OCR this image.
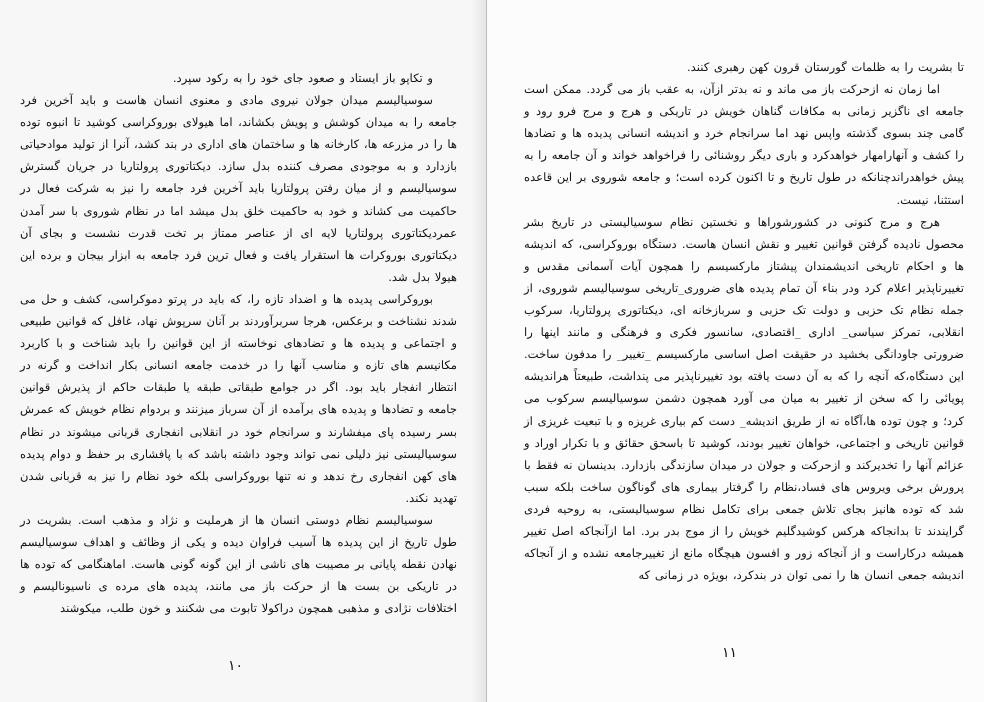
و تکاپو باز ایستاد و صعود جای خود را به رکود سپرد.

سوسیالیسم میدان جولان نیروی مادی و معنوی انسان هاست و باید آخرین فرد جامعه را به میدان کوشش و پویش بکشاند، اما هیولای بوروکراسی کوشید تا انبوه توده ها را در مزرعه ها، کارخانه ها و ساختمان های اداری در بند کشد، آنرا از تولید موادحیاتی بازدارد و به موجودی مصرف کننده بدل سازد. دیکتاتوری پرولتاریا در جریان گسترش سوسیالیسم و از میان رفتن پرولتاریا باید آخرین فرد جامعه را نیز به شرکت فعال در حاکمیت می کشاند و خود به حاکمیت خلق بدل میشد اما در نظام شوروی با سر آمدن عمردیکتاتوری پرولتاریا لایه ای از عناصر ممتاز بر تخت قدرت نشست و بجای آن دیکتاتوری بوروکرات ها استقرار یافت و فعال ترین فرد جامعه به ابزار بیجان و برده این هیولا بدل شد.

بوروکراسی پدیده ها و اضداد تازه را، که باید در پرتو دموکراسی، کشف و حل می شدند نشناخت و برعکس، هرجا سربرآوردند بر آنان سرپوش نهاد، غافل که قوانین طبیعی و اجتماعی و پدیده ها و تضادهای نوخاسته از این قوانین را باید شناخت و با کاربرد مکانیسم های تازه و مناسب آنها را در خدمت جامعه انسانی بکار انداخت و گرنه در انتظار انفجار باید بود. اگر در جوامع طبقاتی طبقه یا طبقات حاکم از پذیرش قوانین جامعه و تضادها و پدیده های برآمده از آن سرباز میزنند و بردوام نظام خویش که عمرش بسر رسیده پای میفشارند و سرانجام خود در انقلابی انفجاری قربانی میشوند در نظام سوسیالیستی نیز دلیلی نمی تواند وجود داشته باشد که با پافشاری بر حفظ و دوام پدیده های کهن انفجاری رخ ندهد و نه تنها بوروکراسی بلکه خود نظام را نیز به قربانی شدن تهدید نکند.

سوسیالیسم نظام دوستی انسان ها از هرملیت و نژاد و مذهب است. بشریت در طول تاریخ از این پدیده ها آسیب فراوان دیده و یکی از وظائف و اهداف سوسیالیسم نهادن نقطه پایانی بر مصیبت های ناشی از این گونه گونی هاست. اماهنگامی که توده ها در تاریکی بن بست ها از حرکت باز می مانند، پدیده های مرده ی ناسیونالیسم و اختلافات نژادی و مذهبی همچون دراکولا تابوت می شکنند و خون طلب، میکوشند

۱۰

تا بشریت را به ظلمات گورستان قرون کهن رهبری کنند.

اما زمان نه ازحرکت باز می ماند و نه بدتر ازآن، به عقب باز می گردد. ممکن است جامعه ای ناگزیر زمانی به مکافات گناهان خویش در تاریکی و هرج و مرج فرو رود و گامی چند بسوی گذشته واپس نهد اما سرانجام خرد و اندیشه انسانی پدیده ها و تضادها را کشف و آنهارامهار خواهدکرد و باری دیگر روشنائی را فراخواهد خواند و آن جامعه را به پیش خواهدراندچنانکه در طول تاریخ و تا اکنون کرده است؛ و جامعه شوروی بر این قاعده استثنا، نیست.

هرج و مرج کنونی در کشورشوراها و نخستین نظام سوسیالیستی در تاریخ بشر محصول نادیده گرفتن قوانین تغییر و نقش انسان هاست. دستگاه بوروکراسی، که اندیشه ها و احکام تاریخی اندیشمندان پیشتاز مارکسیسم را همچون آیات آسمانی مقدس و تغییرناپذیر اعلام کرد ودر بناء آن تمام پدیده های ضروری_تاریخی سوسیالیسم شوروی، از جمله نظام تک حزبی و دولت تک حزبی و سربازخانه ای، دیکتاتوری پرولتاریا، سرکوب انقلابی، تمرکز سیاسی_ اداری _اقتصادی، سانسور فکری و فرهنگی و مانند اینها را ضرورتی جاودانگی بخشید در حقیقت اصل اساسی مارکسیسم _تغییر_ را مدفون ساخت. این دستگاه،که آنچه را که به آن دست یافته بود تغییرناپذیر می پنداشت، طبیعتاً هراندیشه پویائی را که سخن از تغییر به میان می آورد همچون دشمن سوسیالیسم سرکوب می کرد؛ و چون توده ها،آگاه نه از طریق اندیشه_ دست کم بیاری غریزه و با تبعیت غریزی از قوانین تاریخی و اجتماعی، خواهان تغییر بودند، کوشید تا باسحق حقائق و با تکرار اوراد و عزائم آنها را تخدیرکند و ازحرکت و جولان در میدان سازندگی بازدارد. بدینسان نه فقط با پرورش برخی ویروس های فساد،نظام را گرفتار بیماری های گوناگون ساخت بلکه سبب شد که توده هانیز بجای تلاش جمعی برای تکامل نظام سوسیالیستی، به روحیه فردی گرایندند تا بدانجاکه هرکس کوشیدگلیم خویش را از موج بدر برد. اما ازآنجاکه اصل تغییر همیشه درکاراست و از آنجاکه زور و افسون هیچگاه مانع از تغییرجامعه نشده و از آنجاکه اندیشه جمعی انسان ها را نمی توان در بندکرد، بویژه در زمانی که

۱۱
